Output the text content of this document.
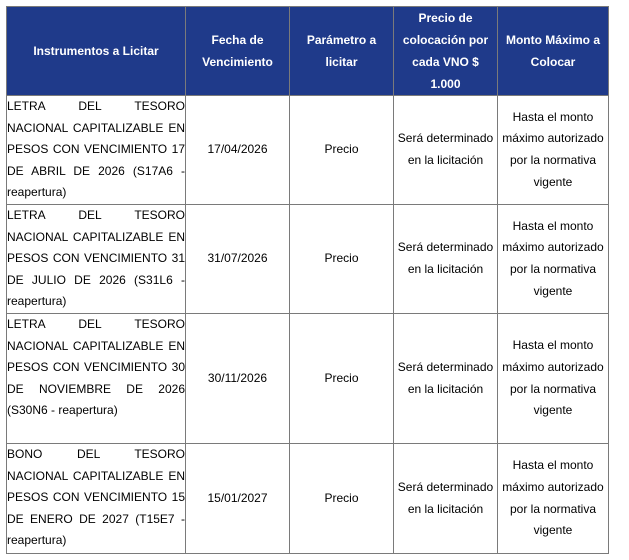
Instrumentos a Licitar	Fecha de Vencimiento	Parámetro a licitar	Precio de colocación por cada VNO $ 1.000	Monto Máximo a Colocar
LETRA DEL TESORO NACIONAL CAPITALIZABLE EN PESOS CON VENCIMIENTO 17 DE ABRIL DE 2026 (S17A6 - reapertura)	17/04/2026	Precio	Será determinado en la licitación	Hasta el monto máximo autorizado por la normativa vigente
LETRA DEL TESORO NACIONAL CAPITALIZABLE EN PESOS CON VENCIMIENTO 31 DE JULIO DE 2026 (S31L6 - reapertura)	31/07/2026	Precio	Será determinado en la licitación	Hasta el monto máximo autorizado por la normativa vigente
LETRA DEL TESORO NACIONAL CAPITALIZABLE EN PESOS CON VENCIMIENTO 30 DE NOVIEMBRE DE 2026 (S30N6 - reapertura)	30/11/2026	Precio	Será determinado en la licitación	Hasta el monto máximo autorizado por la normativa vigente
BONO DEL TESORO NACIONAL CAPITALIZABLE EN PESOS CON VENCIMIENTO 15 DE ENERO DE 2027 (T15E7 - reapertura)	15/01/2027	Precio	Será determinado en la licitación	Hasta el monto máximo autorizado por la normativa vigente
